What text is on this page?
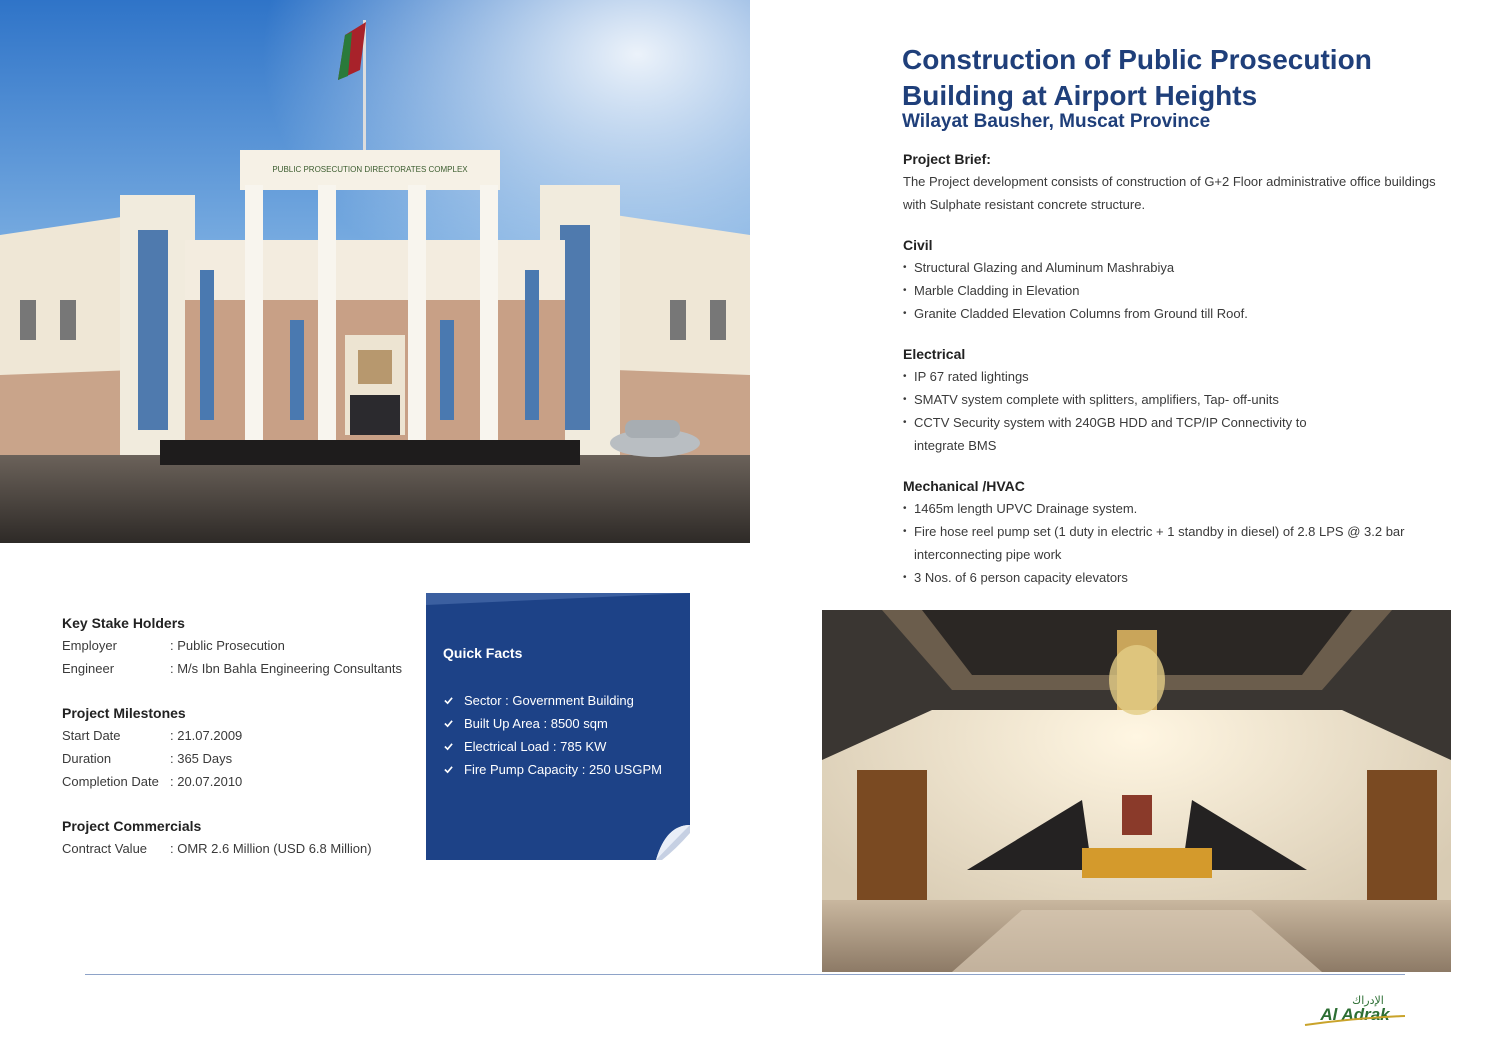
PUBLIC PROSECUTION DIRECTORATES COMPLEX
Construction of Public Prosecution
Building at Airport Heights
Wilayat Bausher, Muscat Province
Project Brief:

The Project development consists of construction of G+2 Floor administrative office buildings with Sulphate resistant concrete structure.

Civil
• Structural Glazing and Aluminum Mashrabiya
• Marble Cladding in Elevation
• Granite Cladded Elevation Columns from Ground till Roof.
Electrical
• IP 67 rated lightings
• SMATV system complete with splitters, amplifiers, Tap- off-units
• CCTV Security system with 240GB HDD and TCP/IP Connectivity to integrate BMS
Mechanical /HVAC
• 1465m length UPVC Drainage system.
• Fire hose reel pump set (1 duty in electric + 1 standby in diesel) of 2.8 LPS @ 3.2 bar interconnecting pipe work
• 3 Nos. of 6 person capacity elevators
Key Stake Holders
Employer	: Public Prosecution
Engineer	: M/s Ibn Bahla Engineering Consultants
Project Milestones
Start Date	: 21.07.2009
Duration	: 365 Days
Completion Date : 20.07.2010
Project Commercials
Contract Value	: OMR 2.6 Million (USD 6.8 Million)
Quick Facts
Sector : Government Building
Built Up Area : 8500 sqm
Electrical Load : 785 KW
Fire Pump Capacity : 250 USGPM
الإدراك
Al Adrak
